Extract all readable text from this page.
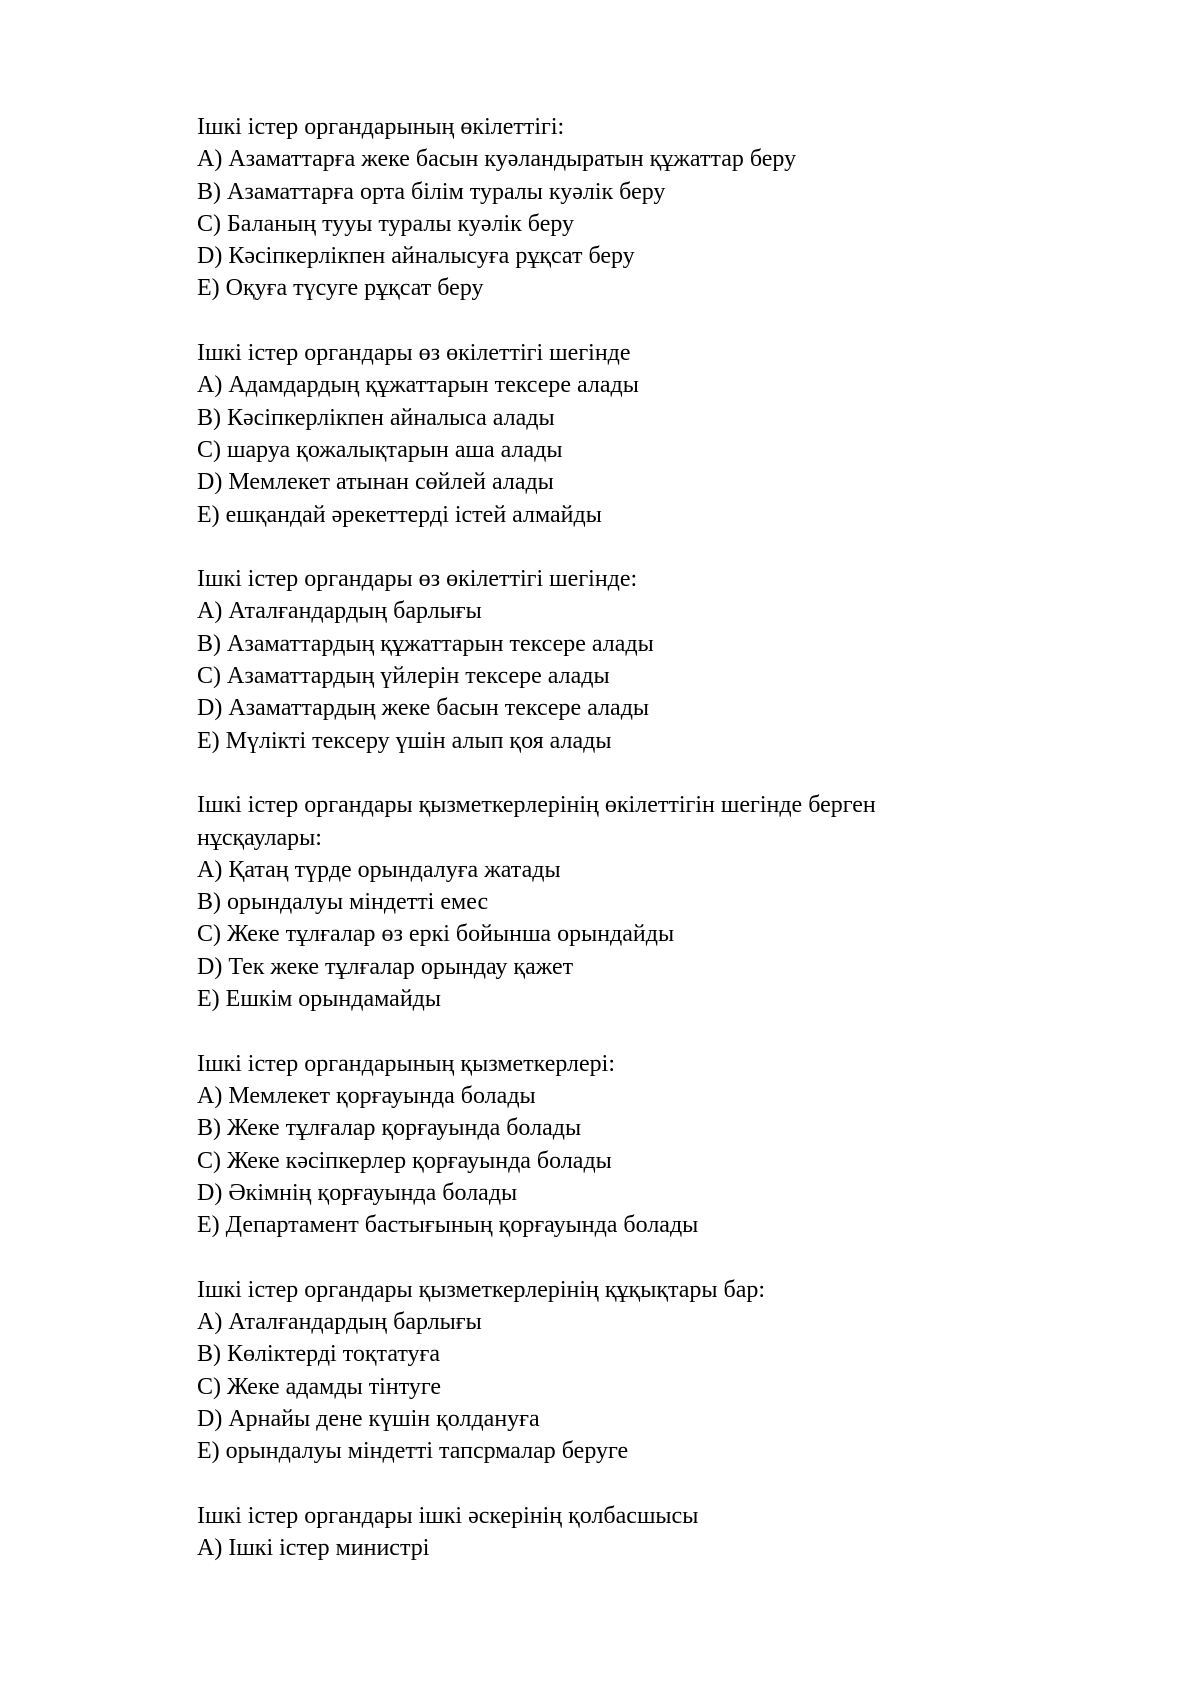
Ішкі істер органдарының өкілеттігі:
A) Азаматтарға жеке басын куәландыратын құжаттар беру
B) Азаматтарға орта білім туралы куәлік беру
C) Баланың тууы туралы куәлік беру
D) Кәсіпкерлікпен айналысуға рұқсат беру
E) Оқуға түсуге рұқсат беру
Ішкі істер органдары өз өкілеттігі шегінде
A) Адамдардың құжаттарын тексере алады
B) Кәсіпкерлікпен айналыса алады
C) шаруа қожалықтарын аша алады
D) Мемлекет атынан сөйлей алады
E) ешқандай әрекеттерді істей алмайды
Ішкі істер органдары өз өкілеттігі шегінде:
A) Аталғандардың барлығы
B) Азаматтардың құжаттарын тексере алады
C) Азаматтардың үйлерін тексере алады
D) Азаматтардың жеке басын тексере алады
E) Мүлікті тексеру үшін алып қоя алады
Ішкі істер органдары қызметкерлерінің өкілеттігін шегінде берген
нұсқаулары:
A) Қатаң түрде орындалуға жатады
B) орындалуы міндетті емес
C) Жеке тұлғалар өз еркі бойынша орындайды
D) Тек жеке тұлғалар орындау қажет
E) Ешкім орындамайды
Ішкі істер органдарының қызметкерлері:
A) Мемлекет қорғауында болады
B) Жеке тұлғалар қорғауында болады
C) Жеке кәсіпкерлер қорғауында болады
D) Әкімнің қорғауында болады
E) Департамент бастығының қорғауында болады
Ішкі істер органдары қызметкерлерінің құқықтары бар:
A) Аталғандардың барлығы
B) Көліктерді тоқтатуға
C) Жеке адамды тінтуге
D) Арнайы дене күшін қолдануға
E) орындалуы міндетті тапсрмалар беруге
Ішкі істер органдары ішкі әскерінің қолбасшысы
A) Ішкі істер министрі
